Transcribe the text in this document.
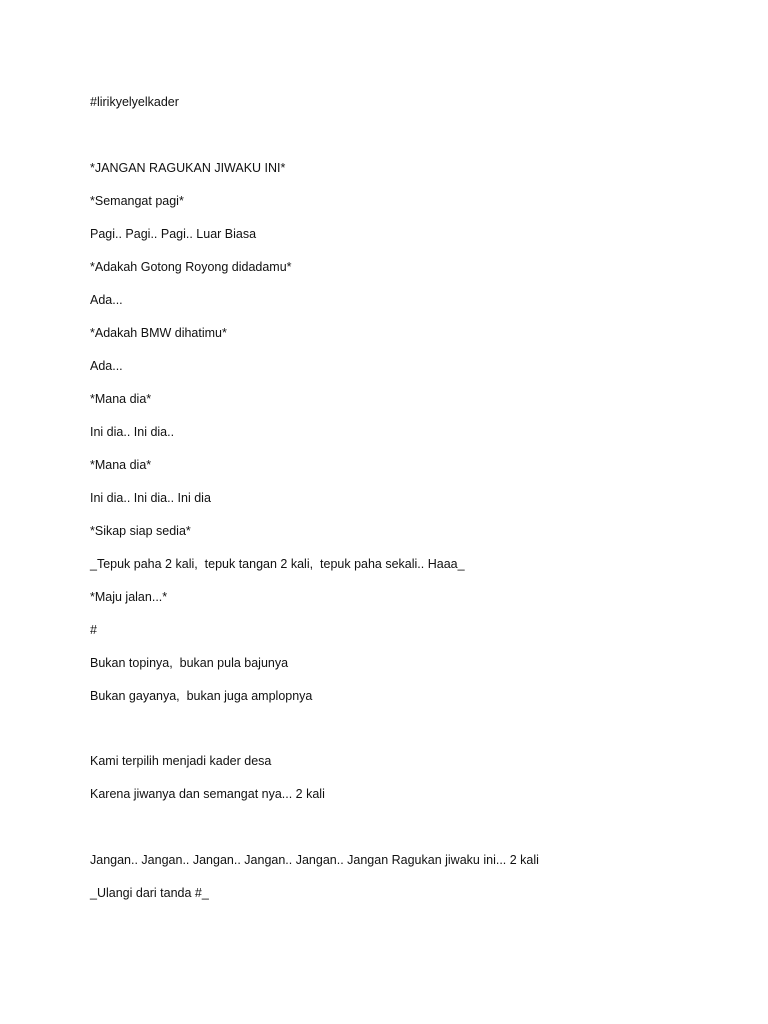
#lirikyelyelkader

*JANGAN RAGUKAN JIWAKU INI*

*Semangat pagi*

Pagi.. Pagi.. Pagi.. Luar Biasa

*Adakah Gotong Royong didadamu*

Ada...

*Adakah BMW dihatimu*

Ada...

*Mana dia*

Ini dia.. Ini dia..

*Mana dia*

Ini dia.. Ini dia.. Ini dia

*Sikap siap sedia*

_Tepuk paha 2 kali,  tepuk tangan 2 kali,  tepuk paha sekali.. Haaa_

*Maju jalan...*

#

Bukan topinya,  bukan pula bajunya

Bukan gayanya,  bukan juga amplopnya

Kami terpilih menjadi kader desa

Karena jiwanya dan semangat nya... 2 kali

Jangan.. Jangan.. Jangan.. Jangan.. Jangan.. Jangan Ragukan jiwaku ini... 2 kali

_Ulangi dari tanda #_
